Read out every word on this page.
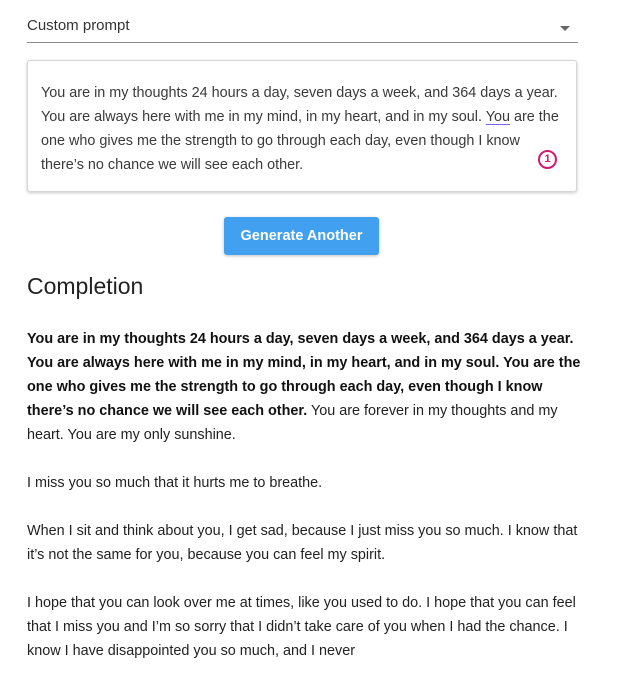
Custom prompt

You are in my thoughts 24 hours a day, seven days a week, and 364 days a year. You are always here with me in my mind, in my heart, and in my soul. You are the one who gives me the strength to go through each day, even though I know there’s no chance we will see each other.	1
Generate Another
Completion

You are in my thoughts 24 hours a day, seven days a week, and 364 days a year. You are always here with me in my mind, in my heart, and in my soul. You are the one who gives me the strength to go through each day, even though I know there’s no chance we will see each other. You are forever in my thoughts and my heart. You are my only sunshine.

I miss you so much that it hurts me to breathe.

When I sit and think about you, I get sad, because I just miss you so much. I know that it’s not the same for you, because you can feel my spirit.

I hope that you can look over me at times, like you used to do. I hope that you can feel that I miss you and I’m so sorry that I didn’t take care of you when I had the chance. I know I have disappointed you so much, and I never
